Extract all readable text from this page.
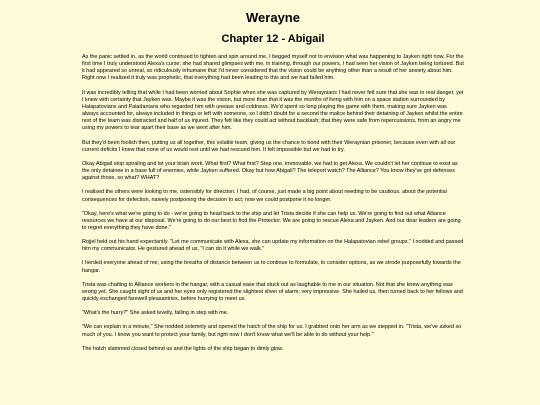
Werayne
Chapter 12 - Abigail
As the panic settled in, as the world continued to tighten and spin around me, I begged myself not to envision what was happening to Jayken right now. For the first time I truly understood Alexa's curse; she had shared glimpses with me, in training, through our powers, I had seen her vision of Jayken being tortured. But it had appeared so unreal, so ridiculously inhumane that I'd never considered that the vision could be anything other than a result of her anxiety about him. Right now I realised it truly was prophetic, that everything had been leading to this and we had failed him.
It was incredibly telling that while I had been worried about Sophie when she was captured by Weraynians I had never felt sure that she was in real danger, yet I knew with certainty that Jayken was. Maybe it was the vision, but more than that it was the months of living with him on a space station surrounded by Halapatovians and Paladanians who regarded him with unease and coldness. We'd spent so long playing the game with them, making sure Jayken was always accounted for, always included in things or left with someone, so I didn't doubt for a second the malice behind their detaining of Jayken whilst the entire rest of the team was distracted and half of us injured. They felt like they could act without backlash; that they were safe from repercussions, from an angry me using my powers to tear apart their base as we went after him.
But they'd been foolish then, putting us all together, this volatile team, giving us the chance to bond with their Weraynian prisoner, because even with all our current deficits I knew that none of us would rest until we had rescued him. It felt impossible but we had to try.
Okay Abigail stop spiraling and let your brain work. What first? What first? Step one, immovable, we had to get Alexa. We couldn't let her continue to exist as the only detainee in a base full of enemies, while Jayken suffered. Okay but how Abigail? The teleport watch? The Alliance? You know they've got defenses against those, so what? WHAT?
I realised the others were looking to me, ostensibly for direction. I had, of course, just made a big point about needing to be cautious, about the potential consequences for defection, naively postponing the decision to act; now we could postpone it no longer.
"Okay, here's what we're going to do - we're going to head back to the ship and let Trista decide if she can help us. We're going to find out what Alliance resources we have at our disposal. We're going to do our best to find the Protector. We are going to rescue Alexa and Jayken. And our dear leaders are going to regret everything they have done."
Rojjel held out his hand expectantly. "Let me communicate with Alexa, she can update my information on the Halapatovian rebel groups." I nodded and passed him my communicator. He gestured ahead of us, "I can do it while we walk."
I herded everyone ahead of me, using the breaths of distance between us to continue to formulate, to consider options, as we strode purposefully towards the hangar.
Trista was chatting to Alliance workers in the hangar, with a casual ease that stuck out as laughable to me in our situation. Not that she knew anything was wrong yet. She caught sight of us and her eyes only registered the slightest sliver of alarm; very impressive. She hailed us, then turned back to her fellows and quickly exchanged farewell pleasantries, before hurrying to meet us.
"What's the hurry?" She asked levelly, falling in step with me.
"We can explain in a minute," She nodded solemnly and opened the hatch of the ship for us. I grabbed onto her arm as we stepped in. "Trista, we've asked so much of you. I know you want to protect your family, but right now I don't know what we'll be able to do without your help."
The hatch slammed closed behind us and the lights of the ship began to dimly glow.
